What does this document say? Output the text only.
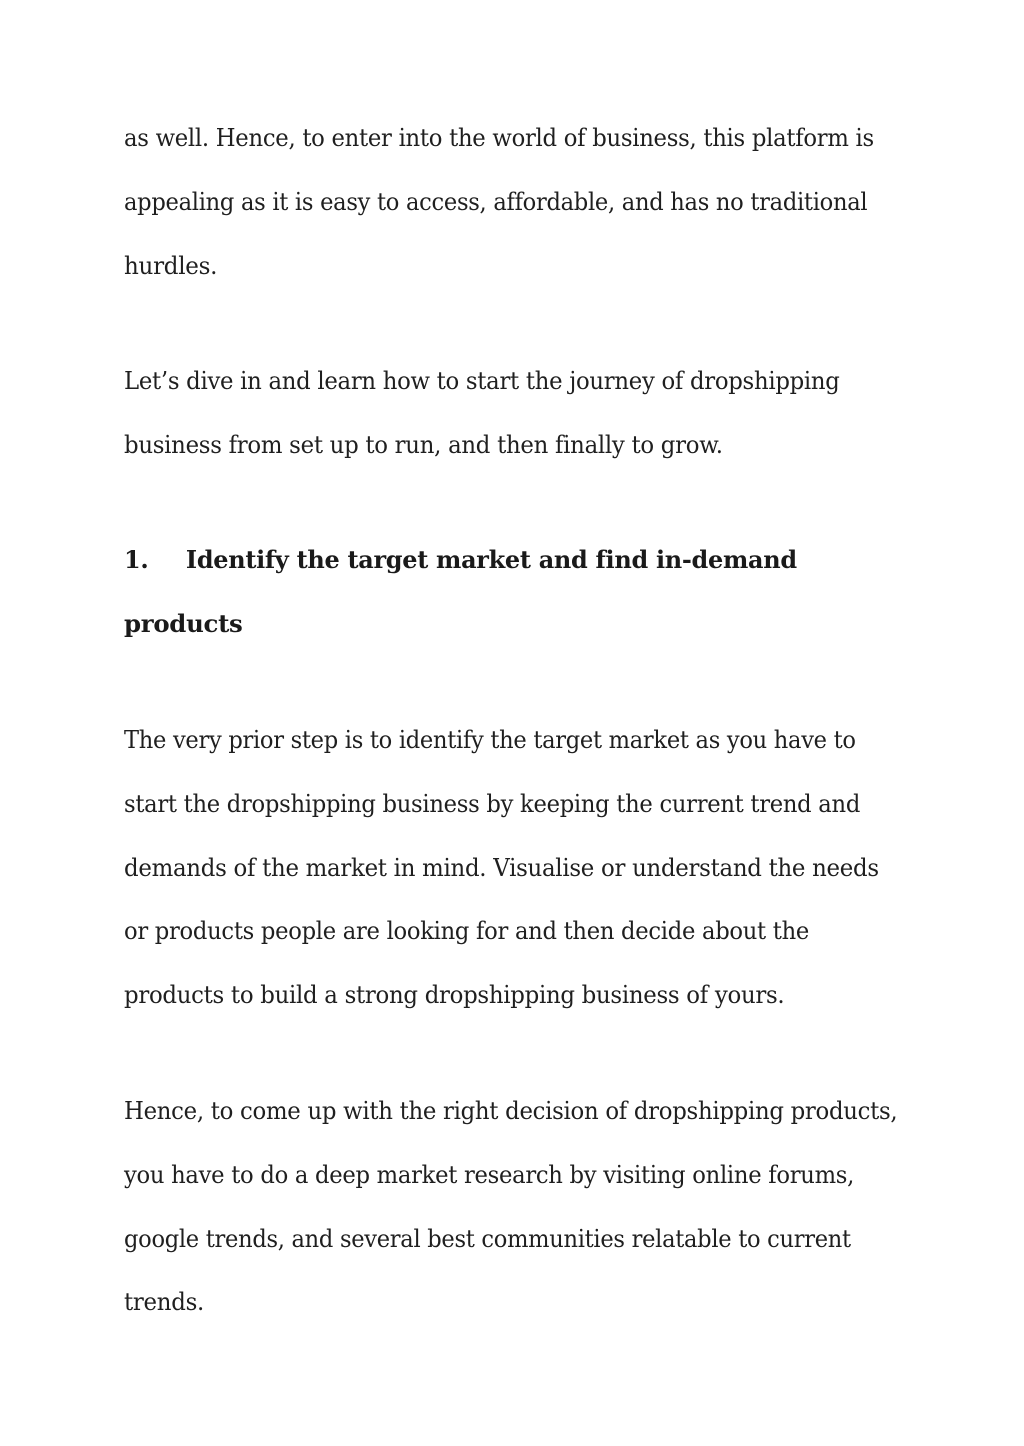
as well. Hence, to enter into the world of business, this platform is
appealing as it is easy to access, affordable, and has no traditional
hurdles.
Let’s dive in and learn how to start the journey of dropshipping
business from set up to run, and then finally to grow.
1. Identify the target market and find in-demand
products
The very prior step is to identify the target market as you have to
start the dropshipping business by keeping the current trend and
demands of the market in mind. Visualise or understand the needs
or products people are looking for and then decide about the
products to build a strong dropshipping business of yours.
Hence, to come up with the right decision of dropshipping products,
you have to do a deep market research by visiting online forums,
google trends, and several best communities relatable to current
trends.
